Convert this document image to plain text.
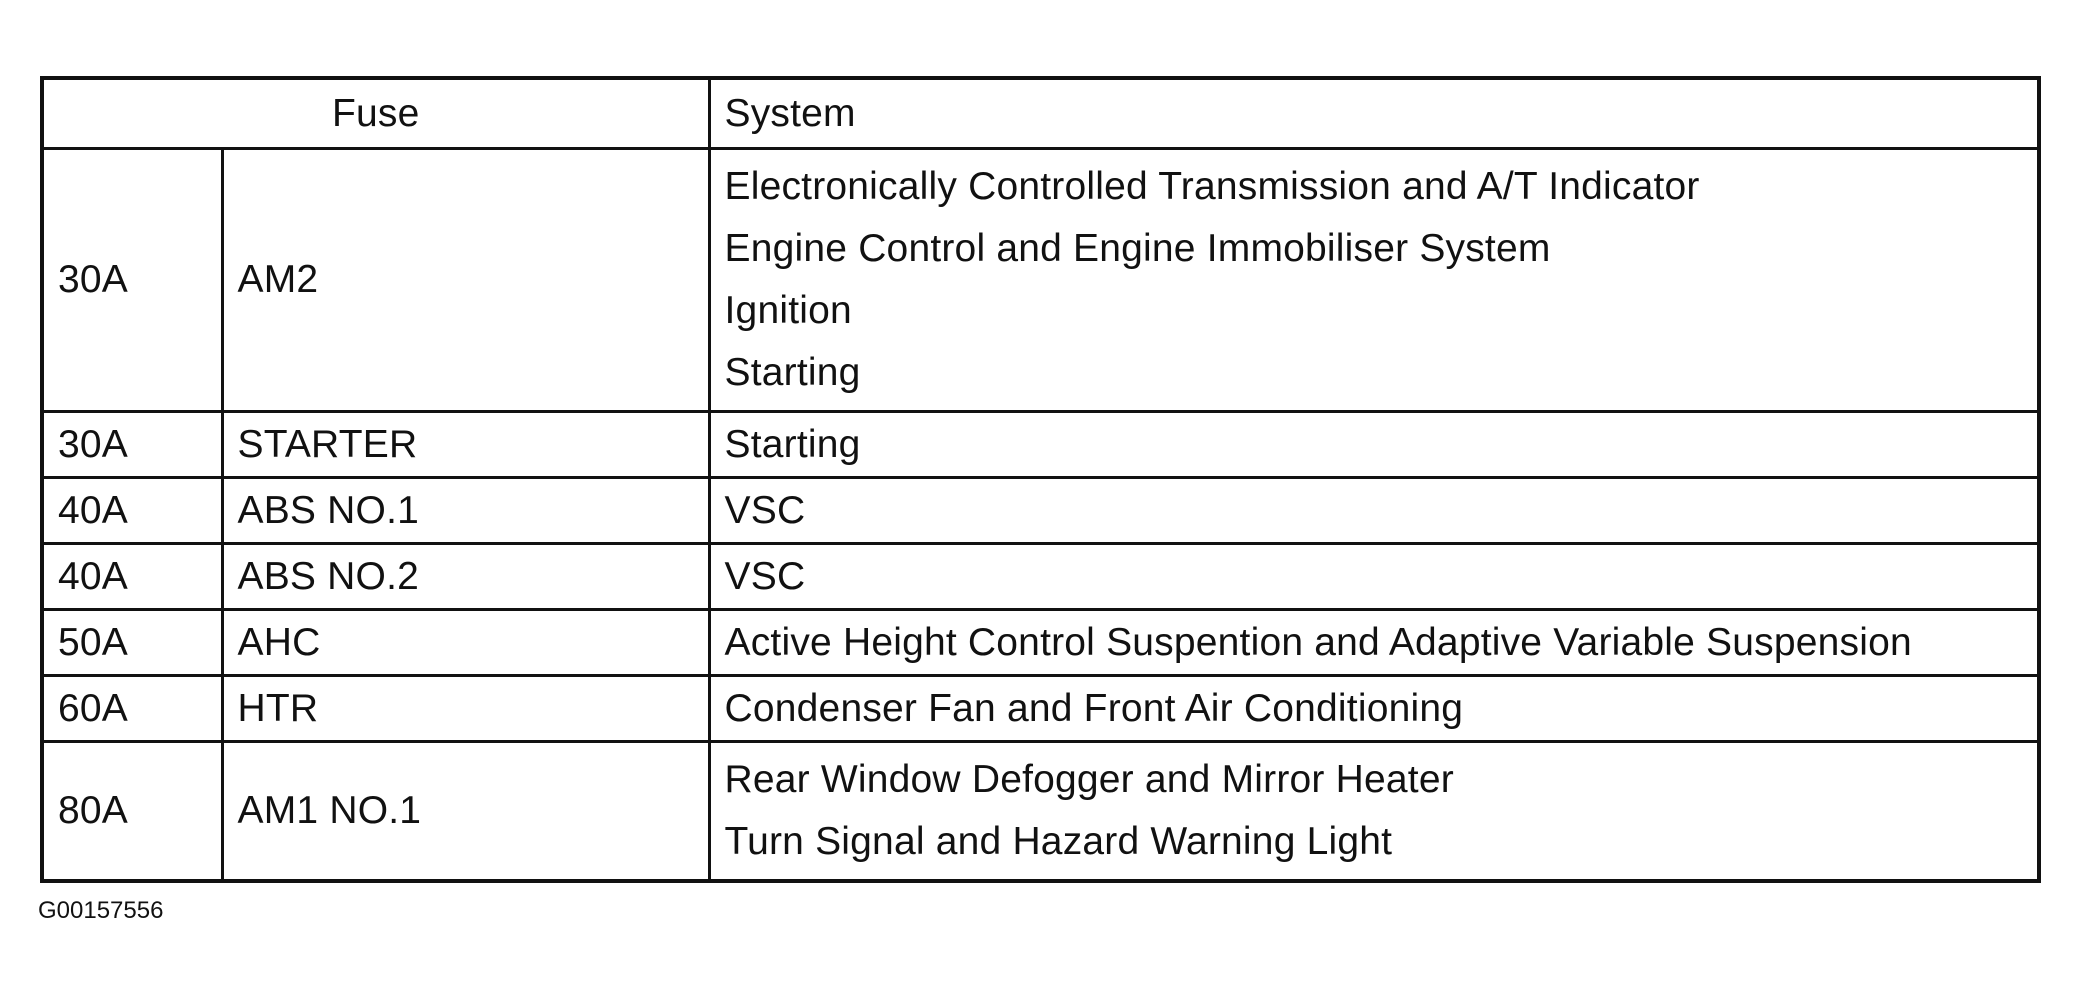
Fuse		System
30A	AM2	Electronically Controlled Transmission and A/T Indicator
Engine Control and Engine Immobiliser System
Ignition
Starting

30A	STARTER	Starting

40A	ABS NO.1	VSC

40A	ABS NO.2	VSC

50A	AHC	Active Height Control Suspention and Adaptive Variable Suspension

60A	HTR	Condenser Fan and Front Air Conditioning

80A	AM1 NO.1	Rear Window Defogger and Mirror Heater
Turn Signal and Hazard Warning Light
G00157556
